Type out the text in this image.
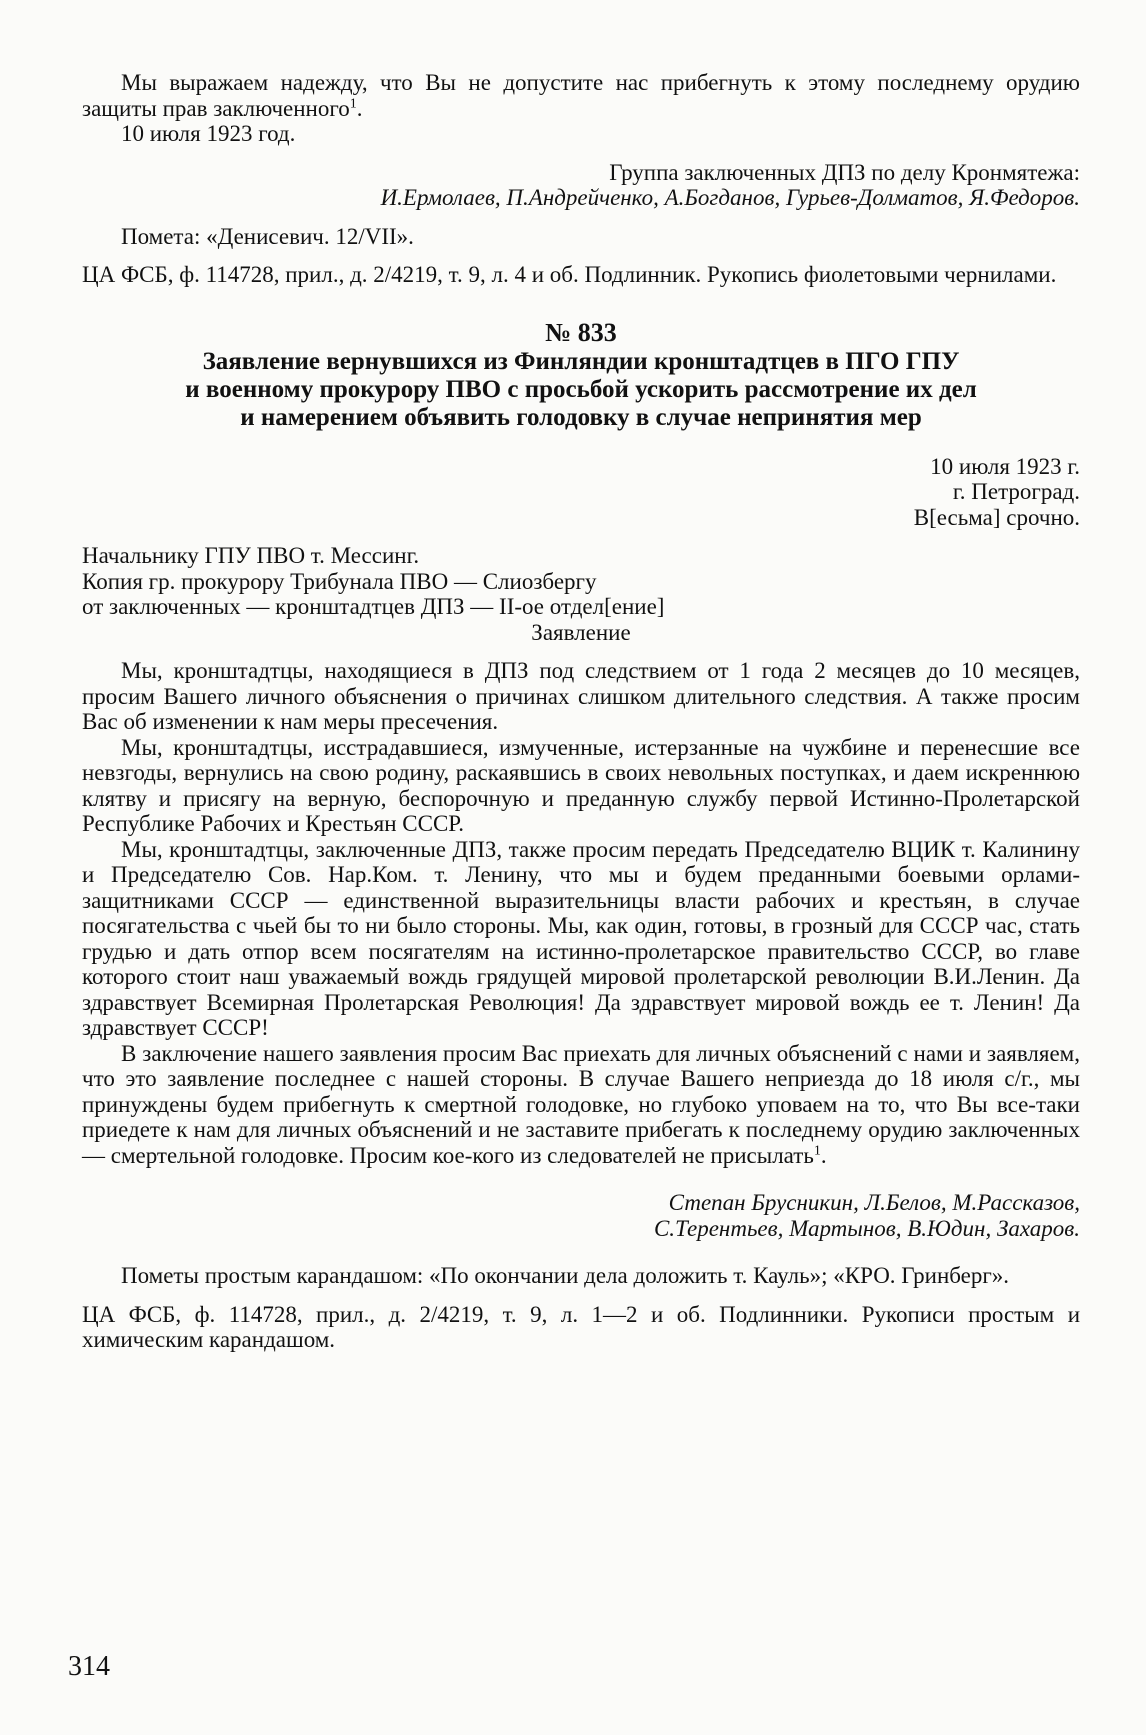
Мы выражаем надежду, что Вы не допустите нас прибегнуть к этому последнему орудию защиты прав заключенного$^1$.

10 июля 1923 год.

Группа заключенных ДПЗ по делу Кронмятежа:

И.Ермолаев, П.Андрейченко, А.Богданов, Гурьев-Долматов, Я.Федоров.

Помета: «Денисевич. 12/VII».

ЦА ФСБ, ф. 114728, прил., д. 2/4219, т. 9, л. 4 и об. Подлинник. Рукопись фиолетовыми чернилами.

№ 833

Заявление вернувшихся из Финляндии кронштадтцев в ПГО ГПУ

и военному прокурору ПВО с просьбой ускорить рассмотрение их дел

и намерением объявить голодовку в случае непринятия мер

10 июля 1923 г.

г. Петроград.

В[есьма] срочно.

Начальнику ГПУ ПВО т. Мессинг.

Копия гр. прокурору Трибунала ПВО — Слиозбергу

от заключенных — кронштадтцев ДПЗ — II-ое отдел[ение]

Заявление

Мы, кронштадтцы, находящиеся в ДПЗ под следствием от 1 года 2 месяцев до 10 месяцев, просим Вашего личного объяснения о причинах слишком длительного следствия. А также просим Вас об изменении к нам меры пресечения.

Мы, кронштадтцы, исстрадавшиеся, измученные, истерзанные на чужбине и перенесшие все невзгоды, вернулись на свою родину, раскаявшись в своих невольных поступках, и даем искреннюю клятву и присягу на верную, беспорочную и преданную службу первой Истинно-Пролетарской Республике Рабочих и Крестьян СССР.

Мы, кронштадтцы, заключенные ДПЗ, также просим передать Председателю ВЦИК т. Калинину и Председателю Сов. Нар.Ком. т. Ленину, что мы и будем преданными боевыми орлами-защитниками СССР — единственной выразительницы власти рабочих и крестьян, в случае посягательства с чьей бы то ни было стороны. Мы, как один, готовы, в грозный для СССР час, стать грудью и дать отпор всем посягателям на истинно-пролетарское правительство СССР, во главе которого стоит наш уважаемый вождь грядущей мировой пролетарской революции В.И.Ленин. Да здравствует Всемирная Пролетарская Революция! Да здравствует мировой вождь ее т. Ленин! Да здравствует СССР!

В заключение нашего заявления просим Вас приехать для личных объяснений с нами и заявляем, что это заявление последнее с нашей стороны. В случае Вашего неприезда до 18 июля с/г., мы принуждены будем прибегнуть к смертной голодовке, но глубоко уповаем на то, что Вы все-таки приедете к нам для личных объяснений и не заставите прибегать к последнему орудию заключенных — смертельной голодовке. Просим кое-кого из следователей не присылать$^1$.

Степан Брусникин, Л.Белов, М.Рассказов,

С.Терентьев, Мартынов, В.Юдин, Захаров.

Пометы простым карандашом: «По окончании дела доложить т. Кауль»; «КРО. Гринберг».

ЦА ФСБ, ф. 114728, прил., д. 2/4219, т. 9, л. 1—2 и об. Подлинники. Рукописи простым и химическим карандашом.

314
